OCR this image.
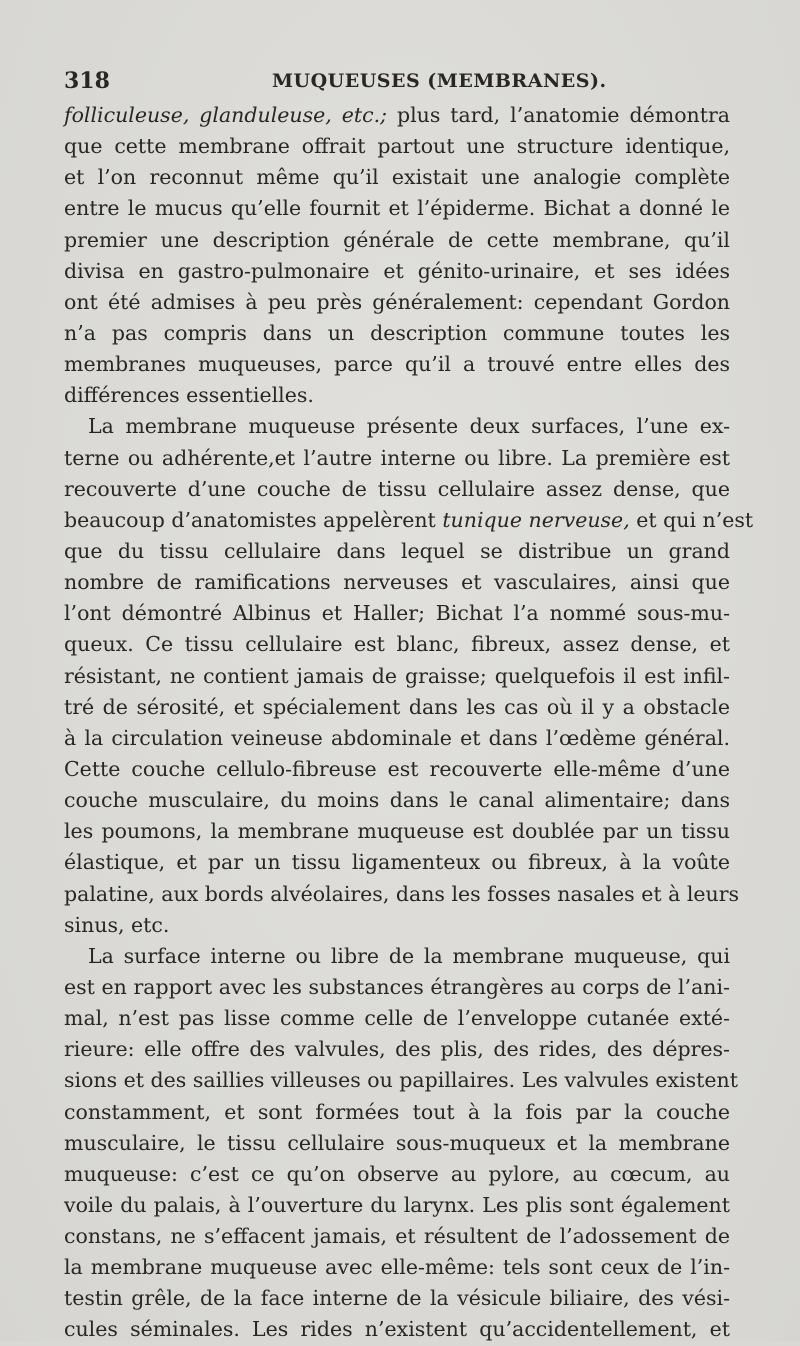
318	MUQUEUSES (MEMBRANES).
folliculeuse, glanduleuse, etc.; plus tard, l’anatomie démontra
que cette membrane offrait partout une structure identique,
et l’on reconnut même qu’il existait une analogie complète
entre le mucus qu’elle fournit et l’épiderme. Bichat a donné le
premier une description générale de cette membrane, qu’il
divisa en gastro-pulmonaire et génito-urinaire, et ses idées
ont été admises à peu près généralement: cependant Gordon
n’a pas compris dans un description commune toutes les
membranes muqueuses, parce qu’il a trouvé entre elles des
différences essentielles.
La membrane muqueuse présente deux surfaces, l’une ex-
terne ou adhérente,et l’autre interne ou libre. La première est
recouverte d’une couche de tissu cellulaire assez dense, que
beaucoup d’anatomistes appelèrent tunique nerveuse, et qui n’est
que du tissu cellulaire dans lequel se distribue un grand
nombre de ramifications nerveuses et vasculaires, ainsi que
l’ont démontré Albinus et Haller; Bichat l’a nommé sous-mu-
queux. Ce tissu cellulaire est blanc, fibreux, assez dense, et
résistant, ne contient jamais de graisse; quelquefois il est infil-
tré de sérosité, et spécialement dans les cas où il y a obstacle
à la circulation veineuse abdominale et dans l’œdème général.
Cette couche cellulo-fibreuse est recouverte elle-même d’une
couche musculaire, du moins dans le canal alimentaire; dans
les poumons, la membrane muqueuse est doublée par un tissu
élastique, et par un tissu ligamenteux ou fibreux, à la voûte
palatine, aux bords alvéolaires, dans les fosses nasales et à leurs
sinus, etc.
La surface interne ou libre de la membrane muqueuse, qui
est en rapport avec les substances étrangères au corps de l’ani-
mal, n’est pas lisse comme celle de l’enveloppe cutanée exté-
rieure: elle offre des valvules, des plis, des rides, des dépres-
sions et des saillies villeuses ou papillaires. Les valvules existent
constamment, et sont formées tout à la fois par la couche
musculaire, le tissu cellulaire sous-muqueux et la membrane
muqueuse: c’est ce qu’on observe au pylore, au cœcum, au
voile du palais, à l’ouverture du larynx. Les plis sont également
constans, ne s’effacent jamais, et résultent de l’adossement de
la membrane muqueuse avec elle-même: tels sont ceux de l’in-
testin grêle, de la face interne de la vésicule biliaire, des vési-
cules séminales. Les rides n’existent qu’accidentellement, et
